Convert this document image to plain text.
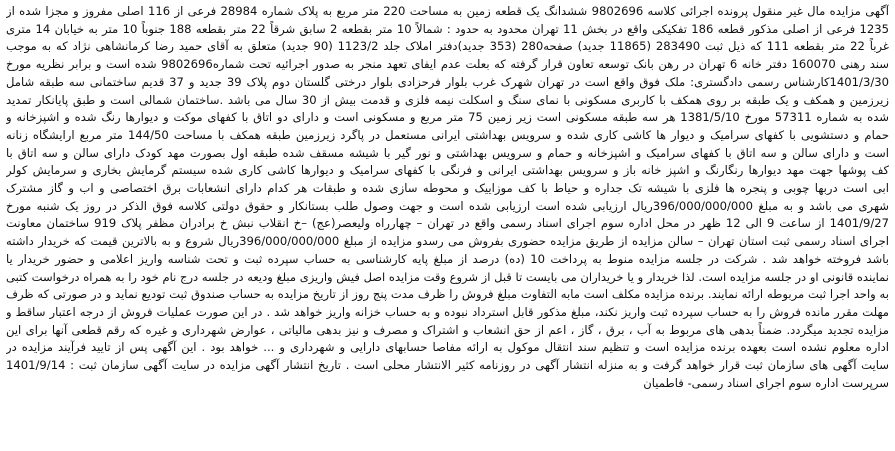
آگهی مزایده مال غیر منقول پرونده اجرائی کلاسه 9802696 ششدانگ یک قطعه زمین به مساحت 220 متر مربع به پلاک شماره 28984 فرعی از 116 اصلی مفروز و مجزا شده از
1235 فرعی از اصلی مذکور قطعه 186 تفکیکی واقع در بخش 11 تهران محدود به حدود : شمالاً 10 متر بقطعه 2 سابق شرقاً 22 متر بقطعه 188 جنوباً 10 متر به خیابان 14 متری
غرباً 22 متر بقطعه 111 که ذیل ثبت 283490 (11865 جدید) صفحه280 (353 جدید)دفتر املاک جلد 1123/2 (90 جدید) متعلق به آقای حمید رضا کرمانشاهی نژاد که به موجب
سند رهنی 160070 دفتر خانه 6 تهران در رهن بانک توسعه تعاون قرار گرفته که بعلت عدم ایفای تعهد منجر به صدور اجرائیه تحت شماره9802696 شده است و برابر نظریه مورخ
1401/3/30کارشناس رسمی دادگستری: ملک فوق واقع است در تهران شهرک غرب بلوار فرحزادی بلوار درختی گلستان دوم پلاک 39 جدید و 37 قدیم ساختمانی سه طبقه شامل
زیرزمین و همکف و یک طبقه بر روی همکف با کاربری مسکونی با نمای سنگ و اسکلت نیمه فلزی و قدمت بیش از 30 سال می باشد .ساختمان شمالی است و طبق پایانکار تمدید
شده به شماره 57311 مورخ 1381/5/10 هر سه طبقه مسکونی است زیر زمین 75 متر مربع و مسکونی است و دارای دو اتاق با کفهای موکت و دیوارها رنگ شده و اشپزخانه و
حمام و دستشویی با کفهای سرامیک و دیوار ها کاشی کاری شده و سرویس بهداشتی ایرانی مستعمل در پاگرد زیرزمین طبقه همکف با مساحت 144/50 متر مربع ارایشگاه زنانه
است و دارای سالن و سه اتاق با کفهای سرامیک و اشپزخانه و حمام و سرویس بهداشتی و نور گیر با شیشه مسقف شده طبقه اول بصورت مهد کودک دارای سالن و سه اتاق با
کف پوشها جهت مهد دیوارها رنگارنگ و اشپز خانه باز و سرویس بهداشتی ایرانی و فرنگی با کفهای سرامیک و دیوارها کاشی کاری شده سیستم گرمایش بخاری و سرمایش کولر
ابی است دربها چوبی و پنجره ها فلزی با شیشه تک جداره و حیاط با کف موزاییک و محوطه سازی شده و طبقات هر کدام دارای انشعابات برق اختصاصی و اب و گاز مشترک
شهری می باشد و به مبلغ 396/000/000/000ریال ارزیابی شده است ارزیابی شده است و جهت وصول طلب بستانکار و حقوق دولتی کلاسه فوق الذکر در روز یک شنبه مورخ
1401/9/27 از ساعت 9 الی 12 ظهر در محل اداره سوم اجرای اسناد رسمی واقع در تهران – چهارراه ولیعصر(عج) –خ انقلاب نبش خ برادران مظفر پلاک 919 ساختمان معاونت
اجرای اسناد رسمی ثبت استان تهران – سالن مزایده از طریق مزایده حضوری بفروش می رسدو مزایده از مبلغ 396/000/000/000ریال شروع و به بالاترین قیمت که خریدار داشته
باشد فروخته خواهد شد . شرکت در جلسه مزایده منوط به پرداخت 10 (ده) درصد از مبلغ پایه کارشناسی به حساب سپرده ثبت و تحت شناسه واریز اعلامی و حضور خریدار یا
نماینده قانونی او در جلسه مزایده است. لذا خریدار و یا خریداران می بایست تا قبل از شروع وقت مزایده اصل فیش واریزی مبلغ ودیعه در جلسه درج نام خود را به همراه درخواست کتبی
به واحد اجرا ثبت مربوطه ارائه نمایند. برنده مزایده مکلف است مابه التفاوت مبلغ فروش را ظرف مدت پنج روز از تاریخ مزایده به حساب صندوق ثبت تودیع نماید و در صورتی که ظرف
مهلت مقرر مانده فروش را به حساب سپرده ثبت واریز نکند، مبلغ مذکور قابل استرداد نبوده و به حساب خزانه واریز خواهد شد . در این صورت عملیات فروش از درجه اعتبار ساقط و
مزایده تجدید میگردد. ضمناً بدهی های مربوط به آب ، برق ، گاز ، اعم از حق انشعاب و اشتراک و مصرف و نیز بدهی مالیاتی ، عوارض شهرداری و غیره که رقم قطعی آنها برای این
اداره معلوم نشده است بعهده برنده مزایده است و تنظیم سند انتقال موکول به ارائه مفاصا حسابهای دارایی و شهرداری و ... خواهد بود . این آگهی پس از تایید فرآیند مزایده در
سایت آگهی های سازمان ثبت قرار خواهد گرفت و به منزله انتشار آگهی در روزنامه کثیر الانتشار محلی است . تاریخ انتشار آگهی مزایده در سایت آگهی سازمان ثبت : 1401/9/14
سرپرست اداره سوم اجرای اسناد رسمی- فاطمیان
